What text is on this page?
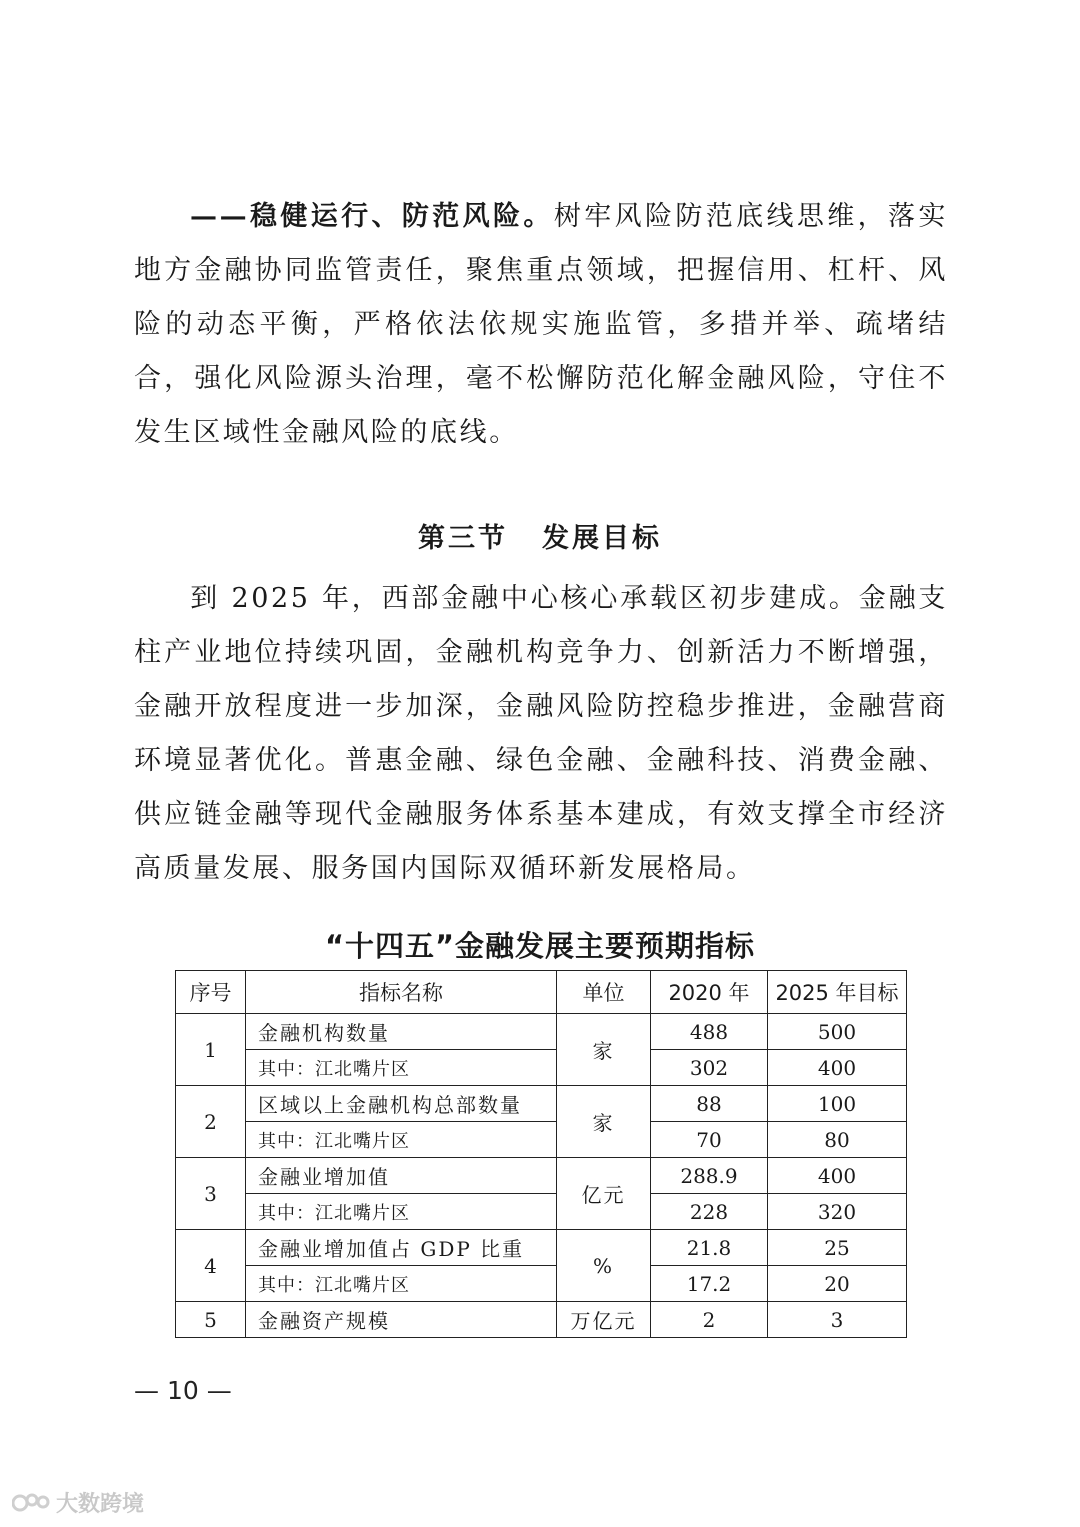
——稳健运行、防范风险。树牢风险防范底线思维，落实地方金融协同监管责任，聚焦重点领域，把握信用、杠杆、风险的动态平衡，严格依法依规实施监管，多措并举、疏堵结合，强化风险源头治理，毫不松懈防范化解金融风险，守住不发生区域性金融风险的底线。

第三节 发展目标

到 2025 年，西部金融中心核心承载区初步建成。金融支柱产业地位持续巩固，金融机构竞争力、创新活力不断增强，金融开放程度进一步加深，金融风险防控稳步推进，金融营商环境显著优化。普惠金融、绿色金融、金融科技、消费金融、供应链金融等现代金融服务体系基本建成，有效支撑全市经济高质量发展、服务国内国际双循环新发展格局。

“十四五”金融发展主要预期指标
序号	指标名称	单位	2020 年	2025 年目标
1	金融机构数量	家	488	500
	其中：江北嘴片区		302	400
2	区域以上金融机构总部数量	家	88	100
	其中：江北嘴片区		70	80
3	金融业增加值	亿元	288.9	400
	其中：江北嘴片区		228	320
4	金融业增加值占 GDP 比重	%	21.8	25
	其中：江北嘴片区		17.2	20
5	金融资产规模	万亿元	2	3
— 10 —
大数跨境
